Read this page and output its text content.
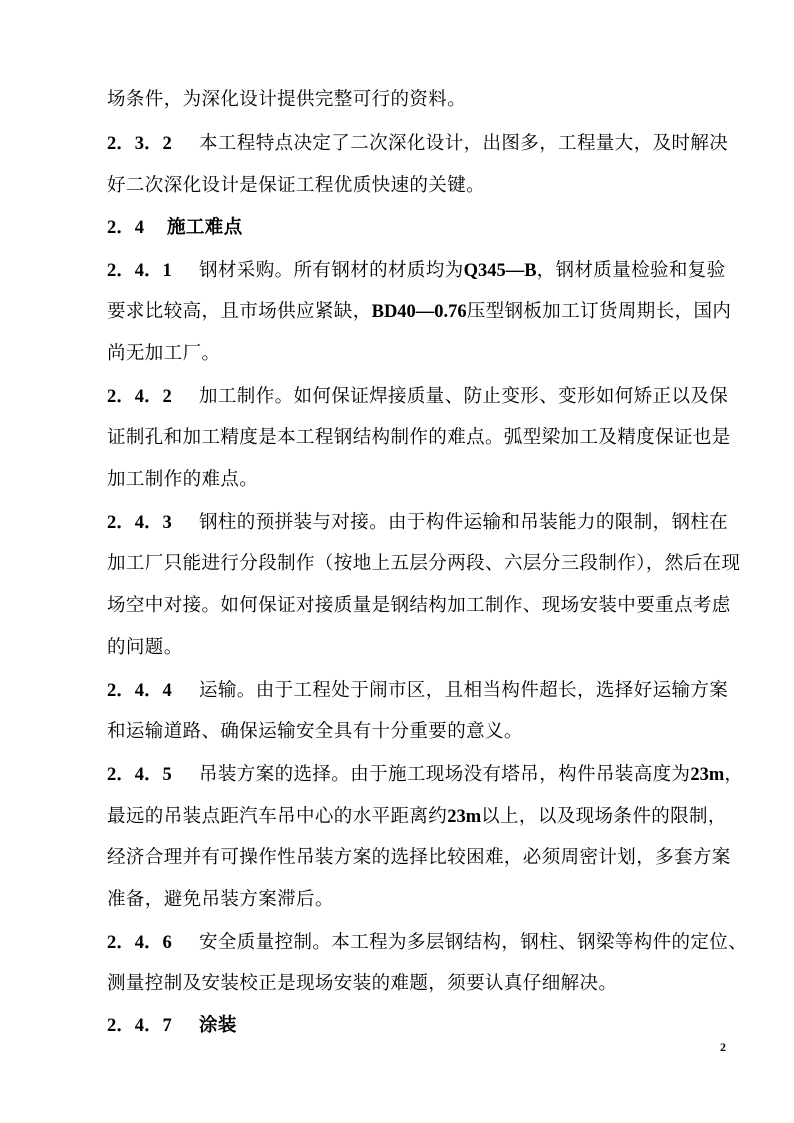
场条件，为深化设计提供完整可行的资料。
2．3．2 本工程特点决定了二次深化设计，出图多，工程量大，及时解决
好二次深化设计是保证工程优质快速的关键。
2．4 施工难点
2．4．1 钢材采购。所有钢材的材质均为Q345—B，钢材质量检验和复验
要求比较高，且市场供应紧缺，BD40—0.76压型钢板加工订货周期长，国内
尚无加工厂。
2．4．2 加工制作。如何保证焊接质量、防止变形、变形如何矫正以及保
证制孔和加工精度是本工程钢结构制作的难点。弧型梁加工及精度保证也是
加工制作的难点。
2．4．3 钢柱的预拼装与对接。由于构件运输和吊装能力的限制，钢柱在
加工厂只能进行分段制作（按地上五层分两段、六层分三段制作），然后在现
场空中对接。如何保证对接质量是钢结构加工制作、现场安装中要重点考虑
的问题。
2．4．4 运输。由于工程处于闹市区，且相当构件超长，选择好运输方案
和运输道路、确保运输安全具有十分重要的意义。
2．4．5 吊装方案的选择。由于施工现场没有塔吊，构件吊装高度为23m，
最远的吊装点距汽车吊中心的水平距离约23m以上，以及现场条件的限制，
经济合理并有可操作性吊装方案的选择比较困难，必须周密计划，多套方案
准备，避免吊装方案滞后。
2．4．6 安全质量控制。本工程为多层钢结构，钢柱、钢梁等构件的定位、
测量控制及安装校正是现场安装的难题，须要认真仔细解决。
2．4．7 涂装
2
